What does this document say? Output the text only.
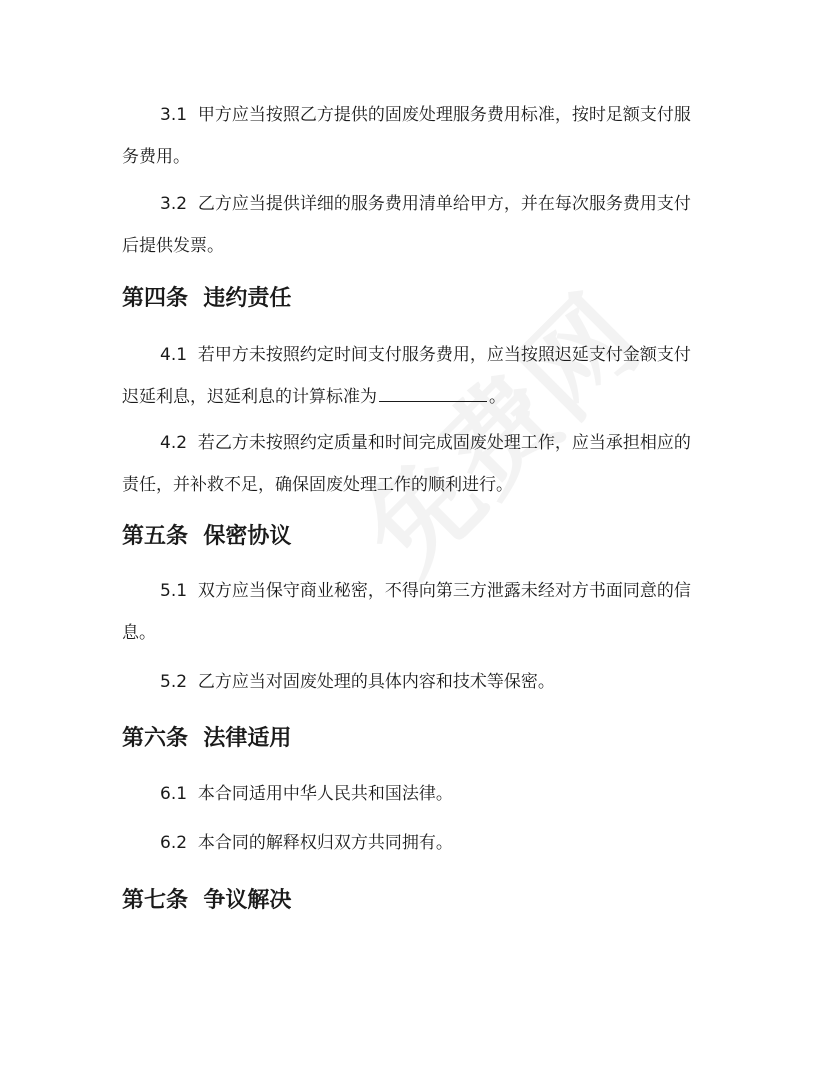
3.1  甲方应当按照乙方提供的固废处理服务费用标准，按时足额支付服务费用。

3.2  乙方应当提供详细的服务费用清单给甲方，并在每次服务费用支付后提供发票。

第四条  违约责任

4.1  若甲方未按照约定时间支付服务费用，应当按照迟延支付金额支付迟延利息，迟延利息的计算标准为	。

4.2  若乙方未按照约定质量和时间完成固废处理工作，应当承担相应的责任，并补救不足，确保固废处理工作的顺利进行。

第五条  保密协议

5.1  双方应当保守商业秘密，不得向第三方泄露未经对方书面同意的信息。

5.2  乙方应当对固废处理的具体内容和技术等保密。

第六条  法律适用

6.1  本合同适用中华人民共和国法律。

6.2  本合同的解释权归双方共同拥有。

第七条  争议解决
